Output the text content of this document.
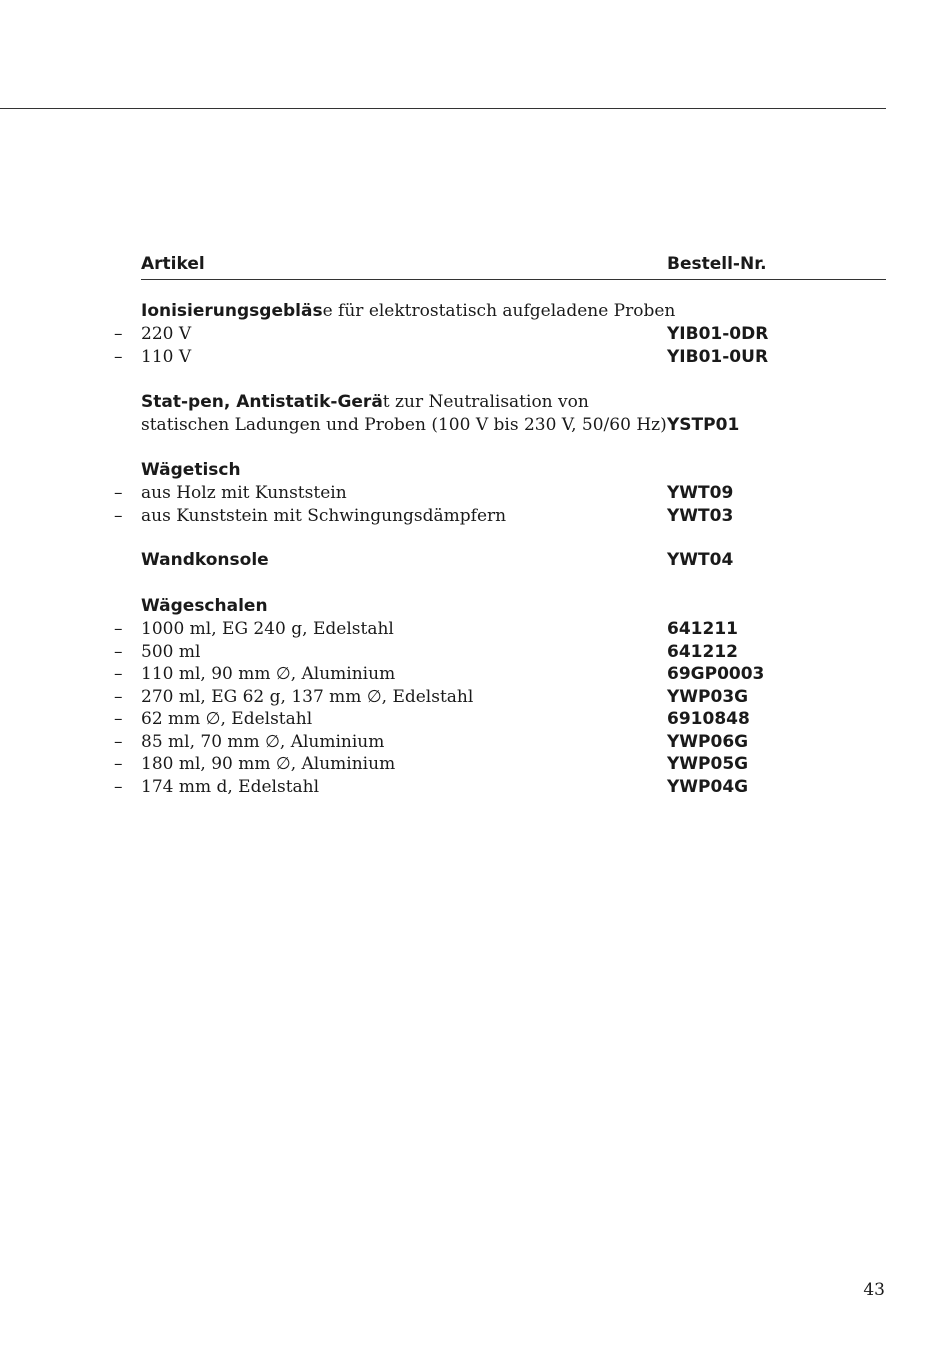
Artikel	Bestell-Nr.
Ionisierungsgebläse für elektrostatisch aufgeladene Proben
– 220 V	YIB01-0DR
– 110 V	YIB01-0UR
Stat-pen, Antistatik-Gerät zur Neutralisation von
statischen Ladungen und Proben (100 V bis 230 V, 50/60 Hz) YSTP01
Wägetisch
– aus Holz mit Kunststein	YWT09
– aus Kunststein mit Schwingungsdämpfern	YWT03
Wandkonsole	YWT04
Wägeschalen
– 1000 ml, EG 240 g, Edelstahl	641211
– 500 ml	641212
– 110 ml, 90 mm ∅, Aluminium	69GP0003
– 270 ml, EG 62 g, 137 mm ∅, Edelstahl	YWP03G
– 62 mm ∅, Edelstahl	6910848
– 85 ml, 70 mm ∅, Aluminium	YWP06G
– 180 ml, 90 mm ∅, Aluminium	YWP05G
– 174 mm d, Edelstahl	YWP04G
43
